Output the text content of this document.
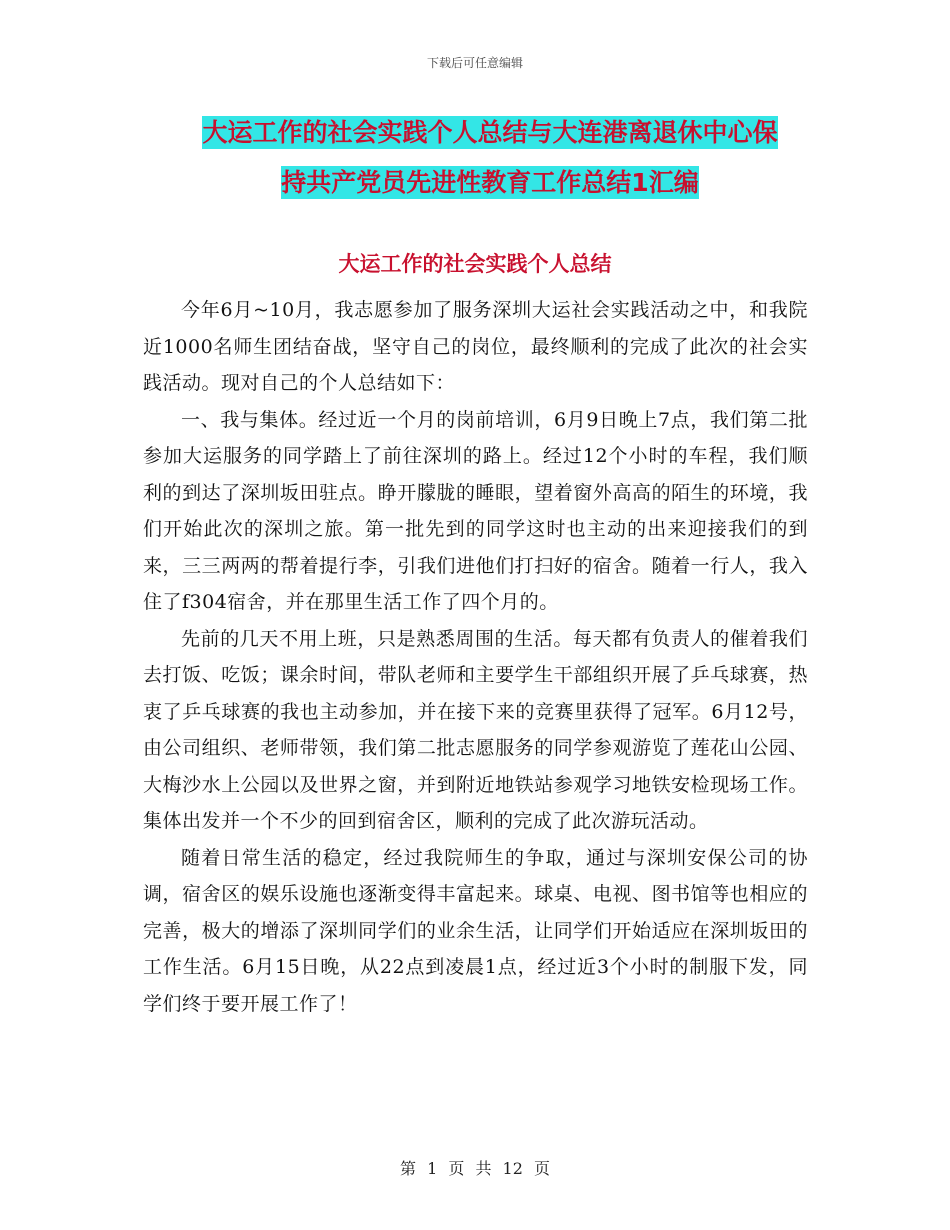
下载后可任意编辑
大运工作的社会实践个人总结与大连港离退休中心保
持共产党员先进性教育工作总结1汇编
大运工作的社会实践个人总结

今年6月~10月，我志愿参加了服务深圳大运社会实践活动之中，和我院近1000名师生团结奋战，坚守自己的岗位，最终顺利的完成了此次的社会实践活动。现对自己的个人总结如下：

一、我与集体。经过近一个月的岗前培训，6月9日晚上7点，我们第二批参加大运服务的同学踏上了前往深圳的路上。经过12个小时的车程，我们顺利的到达了深圳坂田驻点。睁开朦胧的睡眼，望着窗外高高的陌生的环境，我们开始此次的深圳之旅。第一批先到的同学这时也主动的出来迎接我们的到来，三三两两的帮着提行李，引我们进他们打扫好的宿舍。随着一行人，我入住了f304宿舍，并在那里生活工作了四个月的。

先前的几天不用上班，只是熟悉周围的生活。每天都有负责人的催着我们去打饭、吃饭；课余时间，带队老师和主要学生干部组织开展了乒乓球赛，热衷了乒乓球赛的我也主动参加，并在接下来的竞赛里获得了冠军。6月12号，由公司组织、老师带领，我们第二批志愿服务的同学参观游览了莲花山公园、大梅沙水上公园以及世界之窗，并到附近地铁站参观学习地铁安检现场工作。集体出发并一个不少的回到宿舍区，顺利的完成了此次游玩活动。

随着日常生活的稳定，经过我院师生的争取，通过与深圳安保公司的协调，宿舍区的娱乐设施也逐渐变得丰富起来。球桌、电视、图书馆等也相应的完善，极大的增添了深圳同学们的业余生活，让同学们开始适应在深圳坂田的工作生活。6月15日晚，从22点到凌晨1点，经过近3个小时的制服下发，同学们终于要开展工作了！

第 1 页 共 12 页
